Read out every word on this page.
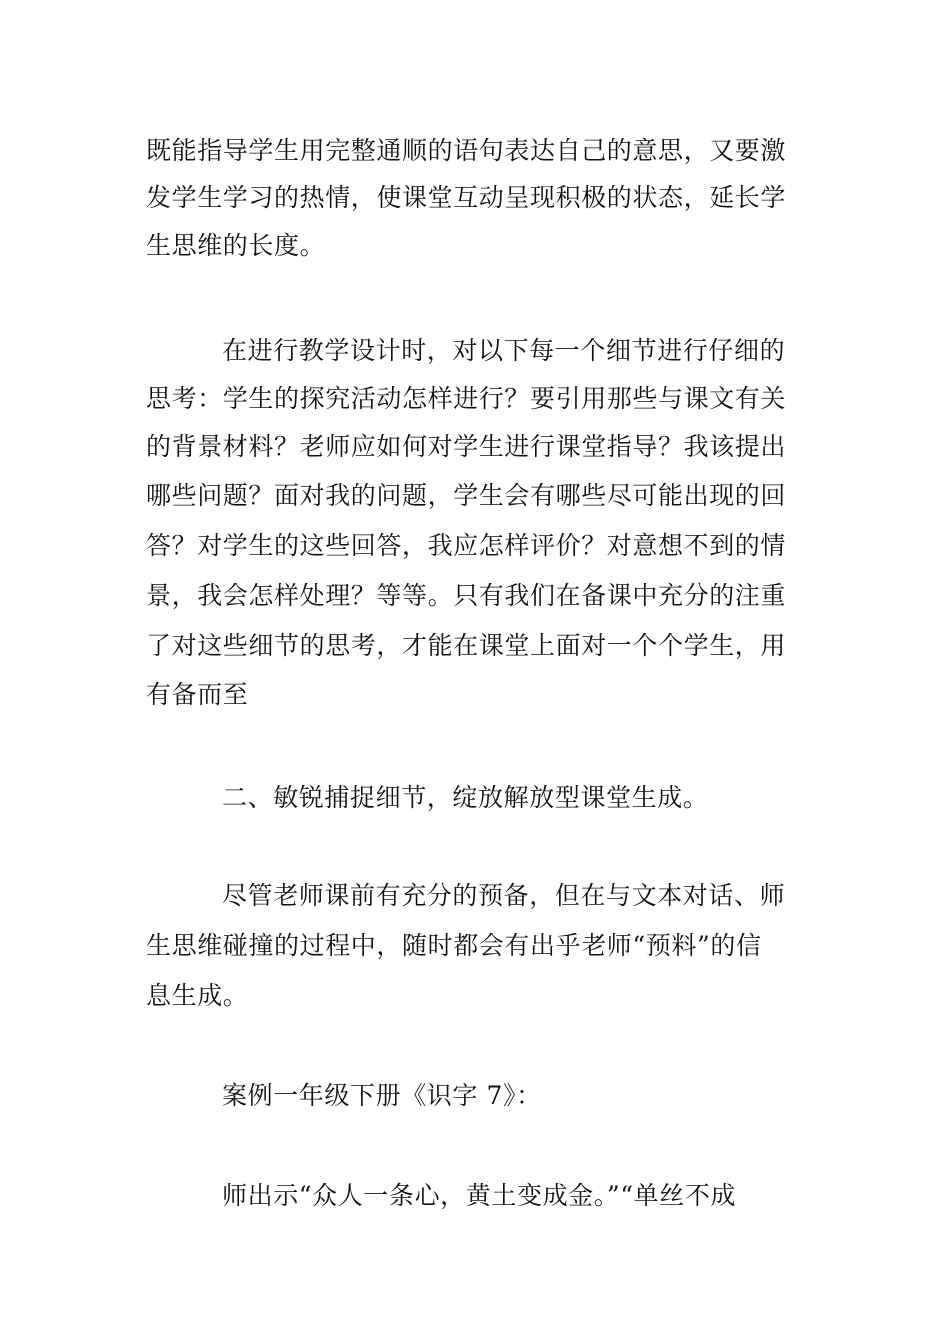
既能指导学生用完整通顺的语句表达自己的意思，又要激
发学生学习的热情，使课堂互动呈现积极的状态，延长学
生思维的长度。
在进行教学设计时，对以下每一个细节进行仔细的
思考：学生的探究活动怎样进行？要引用那些与课文有关
的背景材料？老师应如何对学生进行课堂指导？我该提出
哪些问题？面对我的问题，学生会有哪些尽可能出现的回
答？对学生的这些回答，我应怎样评价？对意想不到的情
景，我会怎样处理？等等。只有我们在备课中充分的注重
了对这些细节的思考，才能在课堂上面对一个个学生，用
有备而至
二、敏锐捕捉细节，绽放解放型课堂生成。
尽管老师课前有充分的预备，但在与文本对话、师
生思维碰撞的过程中，随时都会有出乎老师“预料”的信
息生成。
案例一年级下册《识字 7》：
师出示“众人一条心，黄土变成金。”“单丝不成
